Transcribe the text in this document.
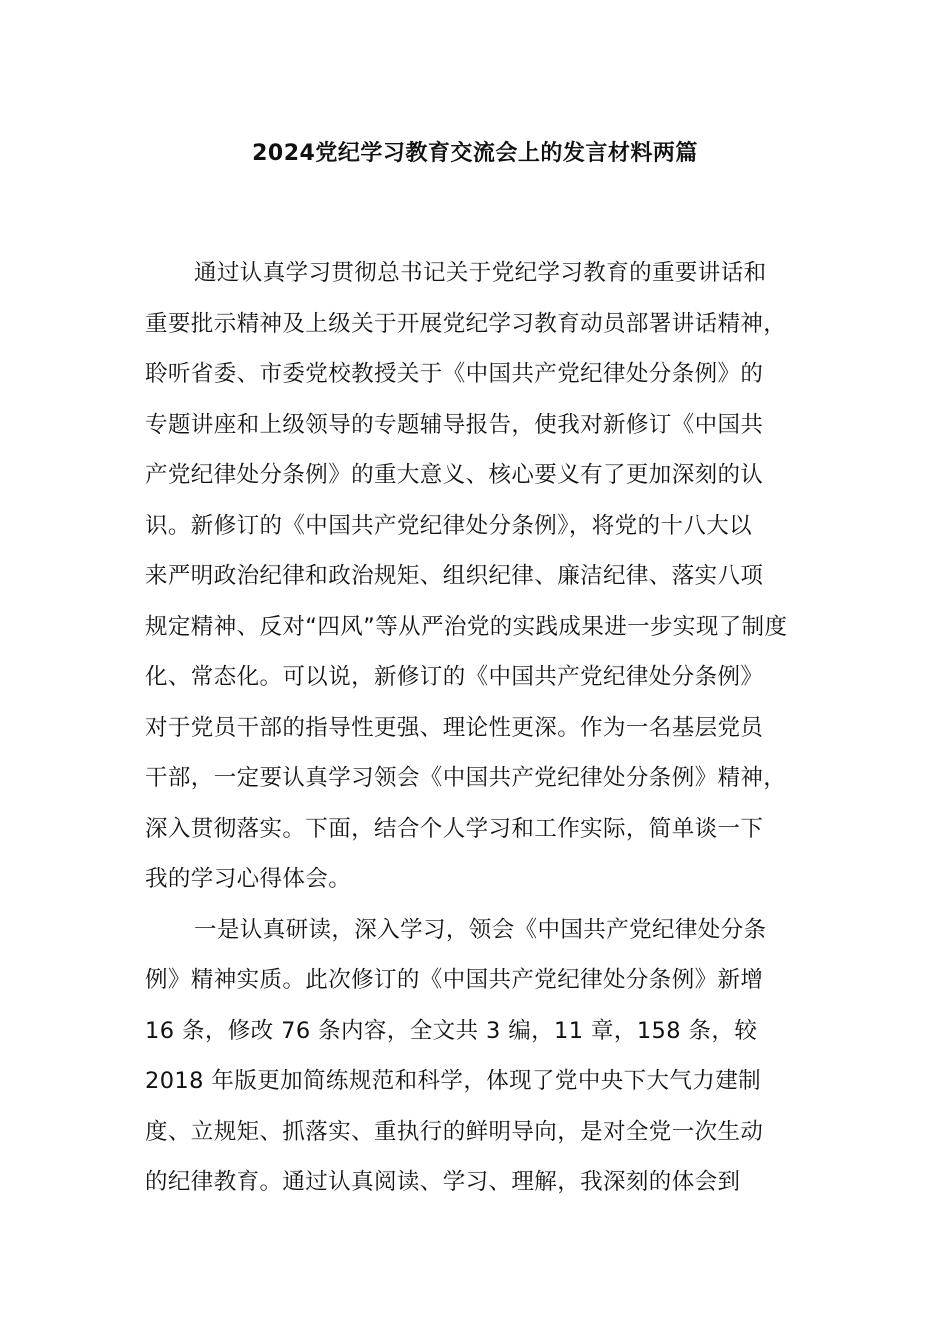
2024党纪学习教育交流会上的发言材料两篇
通过认真学习贯彻总书记关于党纪学习教育的重要讲话和
重要批示精神及上级关于开展党纪学习教育动员部署讲话精神，
聆听省委、市委党校教授关于《中国共产党纪律处分条例》的
专题讲座和上级领导的专题辅导报告，使我对新修订《中国共
产党纪律处分条例》的重大意义、核心要义有了更加深刻的认
识。新修订的《中国共产党纪律处分条例》，将党的十八大以
来严明政治纪律和政治规矩、组织纪律、廉洁纪律、落实八项
规定精神、反对“四风”等从严治党的实践成果进一步实现了制度
化、常态化。可以说，新修订的《中国共产党纪律处分条例》
对于党员干部的指导性更强、理论性更深。作为一名基层党员
干部，一定要认真学习领会《中国共产党纪律处分条例》精神，
深入贯彻落实。下面，结合个人学习和工作实际，简单谈一下
我的学习心得体会。
一是认真研读，深入学习，领会《中国共产党纪律处分条
例》精神实质。此次修订的《中国共产党纪律处分条例》新增
16 条，修改 76 条内容，全文共 3 编，11 章，158 条，较
2018 年版更加简练规范和科学，体现了党中央下大气力建制
度、立规矩、抓落实、重执行的鲜明导向，是对全党一次生动
的纪律教育。通过认真阅读、学习、理解，我深刻的体会到
